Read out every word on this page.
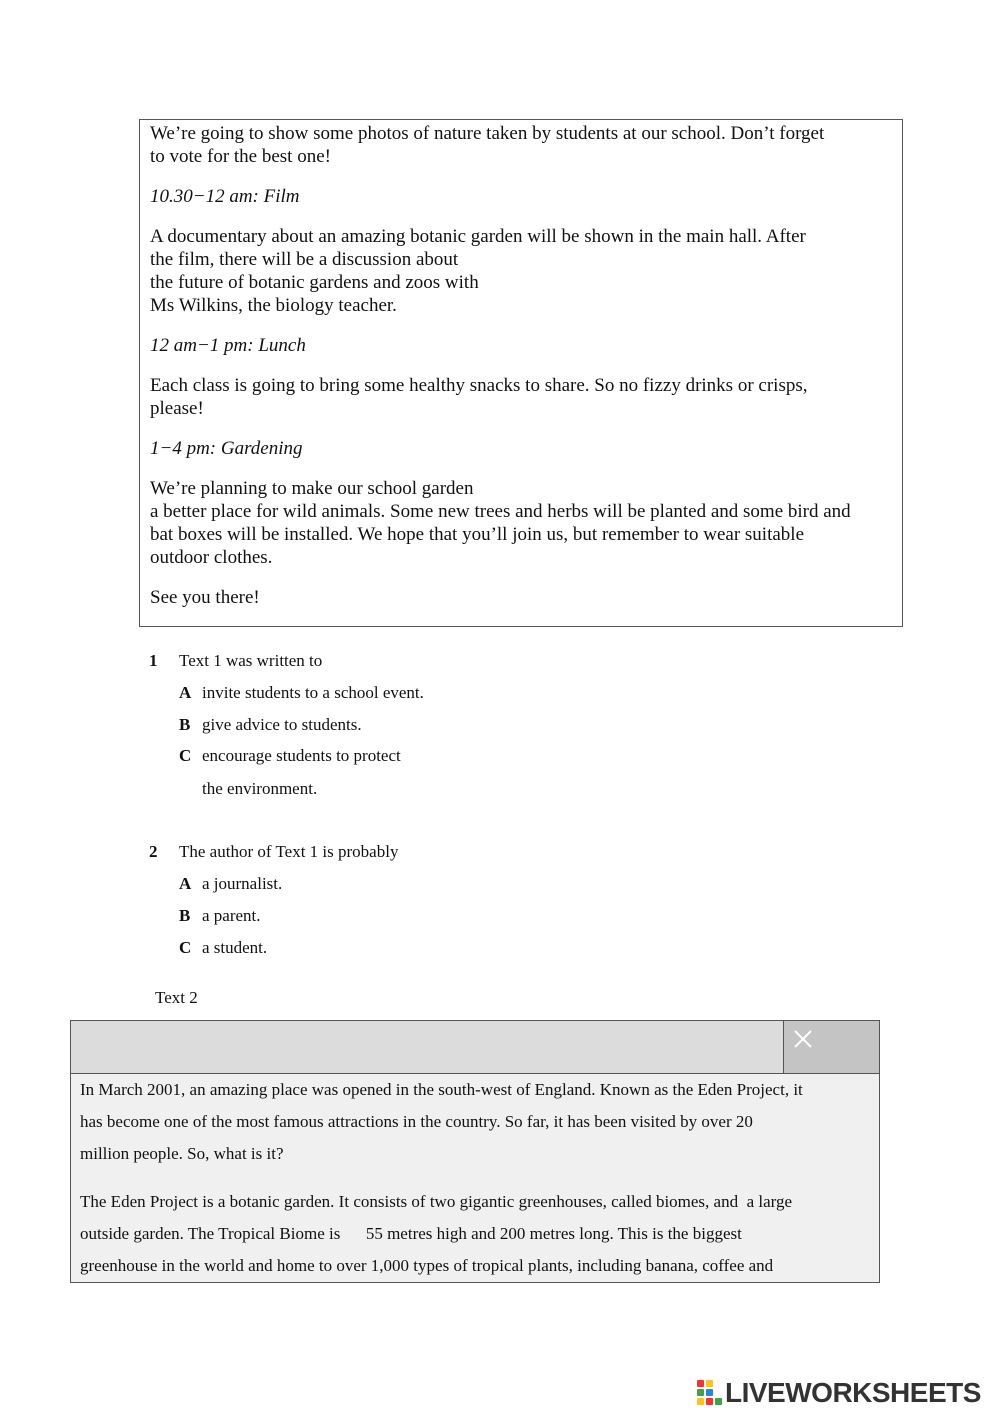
We’re going to show some photos of nature taken by students at our school. Don’t forget
to vote for the best one!

10.30−12 am: Film

A documentary about an amazing botanic garden will be shown in the main hall. After
the film, there will be a discussion about
the future of botanic gardens and zoos with
Ms Wilkins, the biology teacher.

12 am−1 pm: Lunch

Each class is going to bring some healthy snacks to share. So no fizzy drinks or crisps,
please!

1−4 pm: Gardening

We’re planning to make our school garden
a better place for wild animals. Some new trees and herbs will be planted and some bird and
bat boxes will be installed. We hope that you’ll join us, but remember to wear suitable
outdoor clothes.

See you there!

1 Text 1 was written to
A invite students to a school event.
B give advice to students.
C encourage students to protect
the environment.
2 The author of Text 1 is probably
A a journalist.
B a parent.
C a student.
Text 2

In March 2001, an amazing place was opened in the south-west of England. Known as the Eden Project, it
has become one of the most famous attractions in the country. So far, it has been visited by over 20
million people. So, what is it?

The Eden Project is a botanic garden. It consists of two gigantic greenhouses, called biomes, and  a large
outside garden. The Tropical Biome is      55 metres high and 200 metres long. This is the biggest
greenhouse in the world and home to over 1,000 types of tropical plants, including banana, coffee and

LIVEWORKSHEETS
